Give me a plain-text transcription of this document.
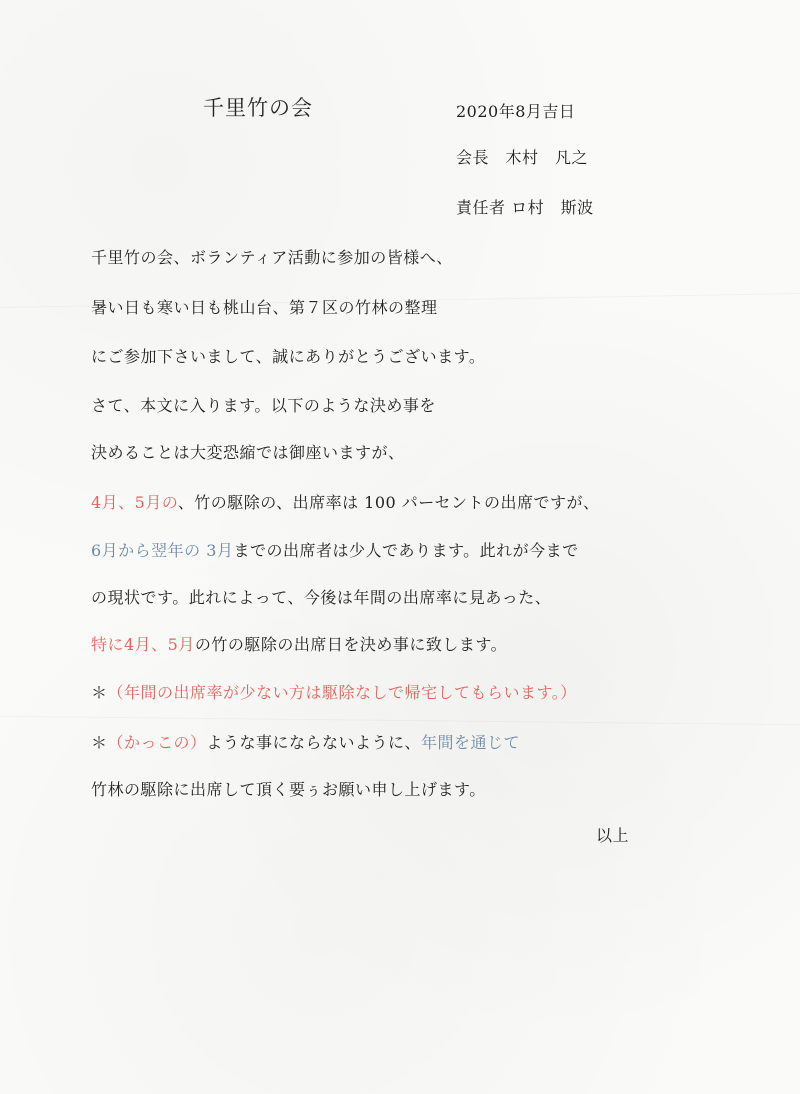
千里竹の会	2020年8月吉日
会長　木村　凡之
責任者 ロ村　斯波
千里竹の会、ボランティア活動に参加の皆様へ、
暑い日も寒い日も桃山台、第７区の竹林の整理
にご参加下さいまして、誠にありがとうございます。
さて、本文に入ります。以下のような決め事を
決めることは大変恐縮では御座いますが、
4月、5月の、竹の駆除の、出席率は 100 パーセントの出席ですが、
6月から翌年の 3月までの出席者は少人であります。此れが今まで
の現状です。此れによって、今後は年間の出席率に見あった、
特に4月、5月の竹の駆除の出席日を決め事に致します。
＊（年間の出席率が少ない方は駆除なしで帰宅してもらいます。）
＊（かっこの）ような事にならないように、年間を通じて
竹林の駆除に出席して頂く要ぅお願い申し上げます。
以上
